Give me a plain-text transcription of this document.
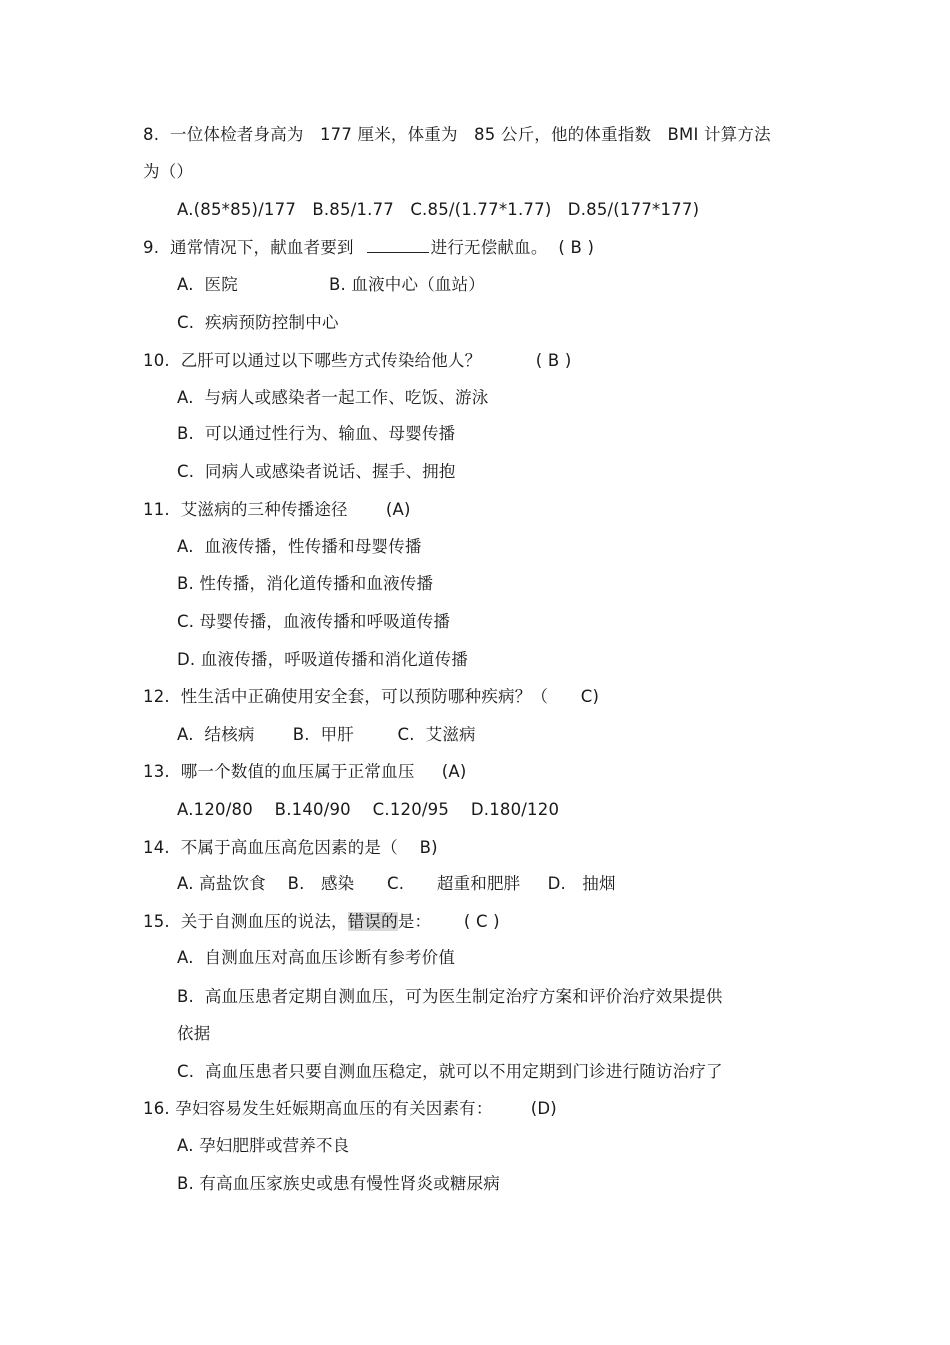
8.  一位体检者身高为   177 厘米，体重为   85 公斤，他的体重指数   BMI 计算方法
为（）
A.(85*85)/177   B.85/1.77   C.85/(1.77*1.77)   D.85/(177*177)
9.  通常情况下，献血者要到	进行无偿献血。  ( B )
A.  医院	B. 血液中心（血站）
C.  疾病预防控制中心
10.  乙肝可以通过以下哪些方式传染给他人？          ( B )
A.  与病人或感染者一起工作、吃饭、游泳
B.  可以通过性行为、输血、母婴传播
C.  同病人或感染者说话、握手、拥抱
11.  艾滋病的三种传播途径       (A)
A.  血液传播，性传播和母婴传播
B. 性传播，消化道传播和血液传播
C. 母婴传播，血液传播和呼吸道传播
D. 血液传播，呼吸道传播和消化道传播
12.  性生活中正确使用安全套，可以预防哪种疾病？（      C)
A.  结核病       B.  甲肝        C.  艾滋病
13.  哪一个数值的血压属于正常血压     (A)
A.120/80    B.140/90    C.120/95    D.180/120
14.  不属于高血压高危因素的是（    B)
A. 高盐饮食    B.   感染      C.      超重和肥胖     D.   抽烟
15.  关于自测血压的说法，错误的是：      ( C )
A.  自测血压对高血压诊断有参考价值
B.  高血压患者定期自测血压，可为医生制定治疗方案和评价治疗效果提供
依据
C.  高血压患者只要自测血压稳定，就可以不用定期到门诊进行随访治疗了
16. 孕妇容易发生妊娠期高血压的有关因素有：       (D)
A. 孕妇肥胖或营养不良
B. 有高血压家族史或患有慢性肾炎或糖尿病
